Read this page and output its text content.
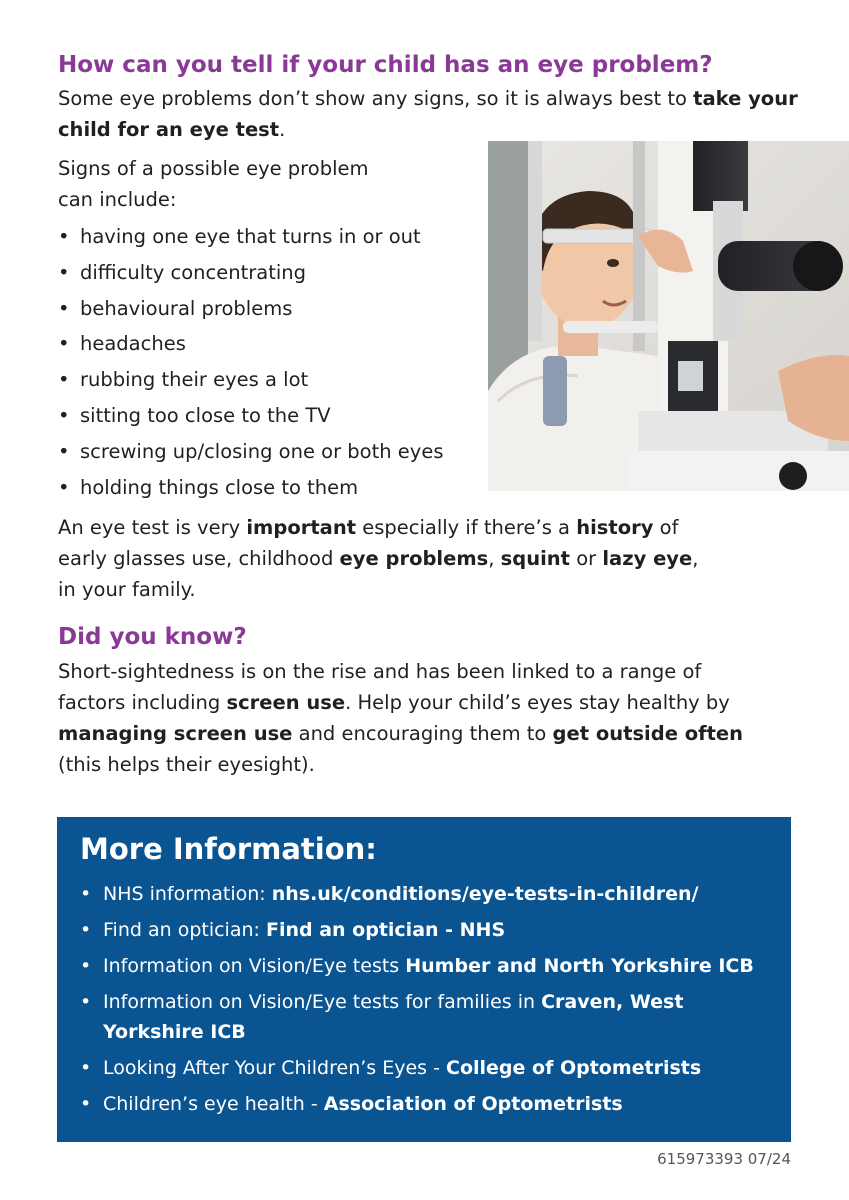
How can you tell if your child has an eye problem?

Some eye problems don’t show any signs, so it is always best to take your child for an eye test.

Signs of a possible eye problem
can include:

• having one eye that turns in or out
• difficulty concentrating
• behavioural problems
• headaches
• rubbing their eyes a lot
• sitting too close to the TV
• screwing up/closing one or both eyes
• holding things close to them

An eye test is very important especially if there’s a history of
early glasses use, childhood eye problems, squint or lazy eye,
in your family.

Did you know?

Short-sightedness is on the rise and has been linked to a range of
factors including screen use. Help your child’s eyes stay healthy by
managing screen use and encouraging them to get outside often
(this helps their eyesight).

More Information:
• NHS information: nhs.uk/conditions/eye-tests-in-children/
• Find an optician: Find an optician - NHS
• Information on Vision/Eye tests Humber and North Yorkshire ICB
• Information on Vision/Eye tests for families in Craven, West Yorkshire ICB
• Looking After Your Children’s Eyes - College of Optometrists
• Children’s eye health - Association of Optometrists
615973393 07/24
